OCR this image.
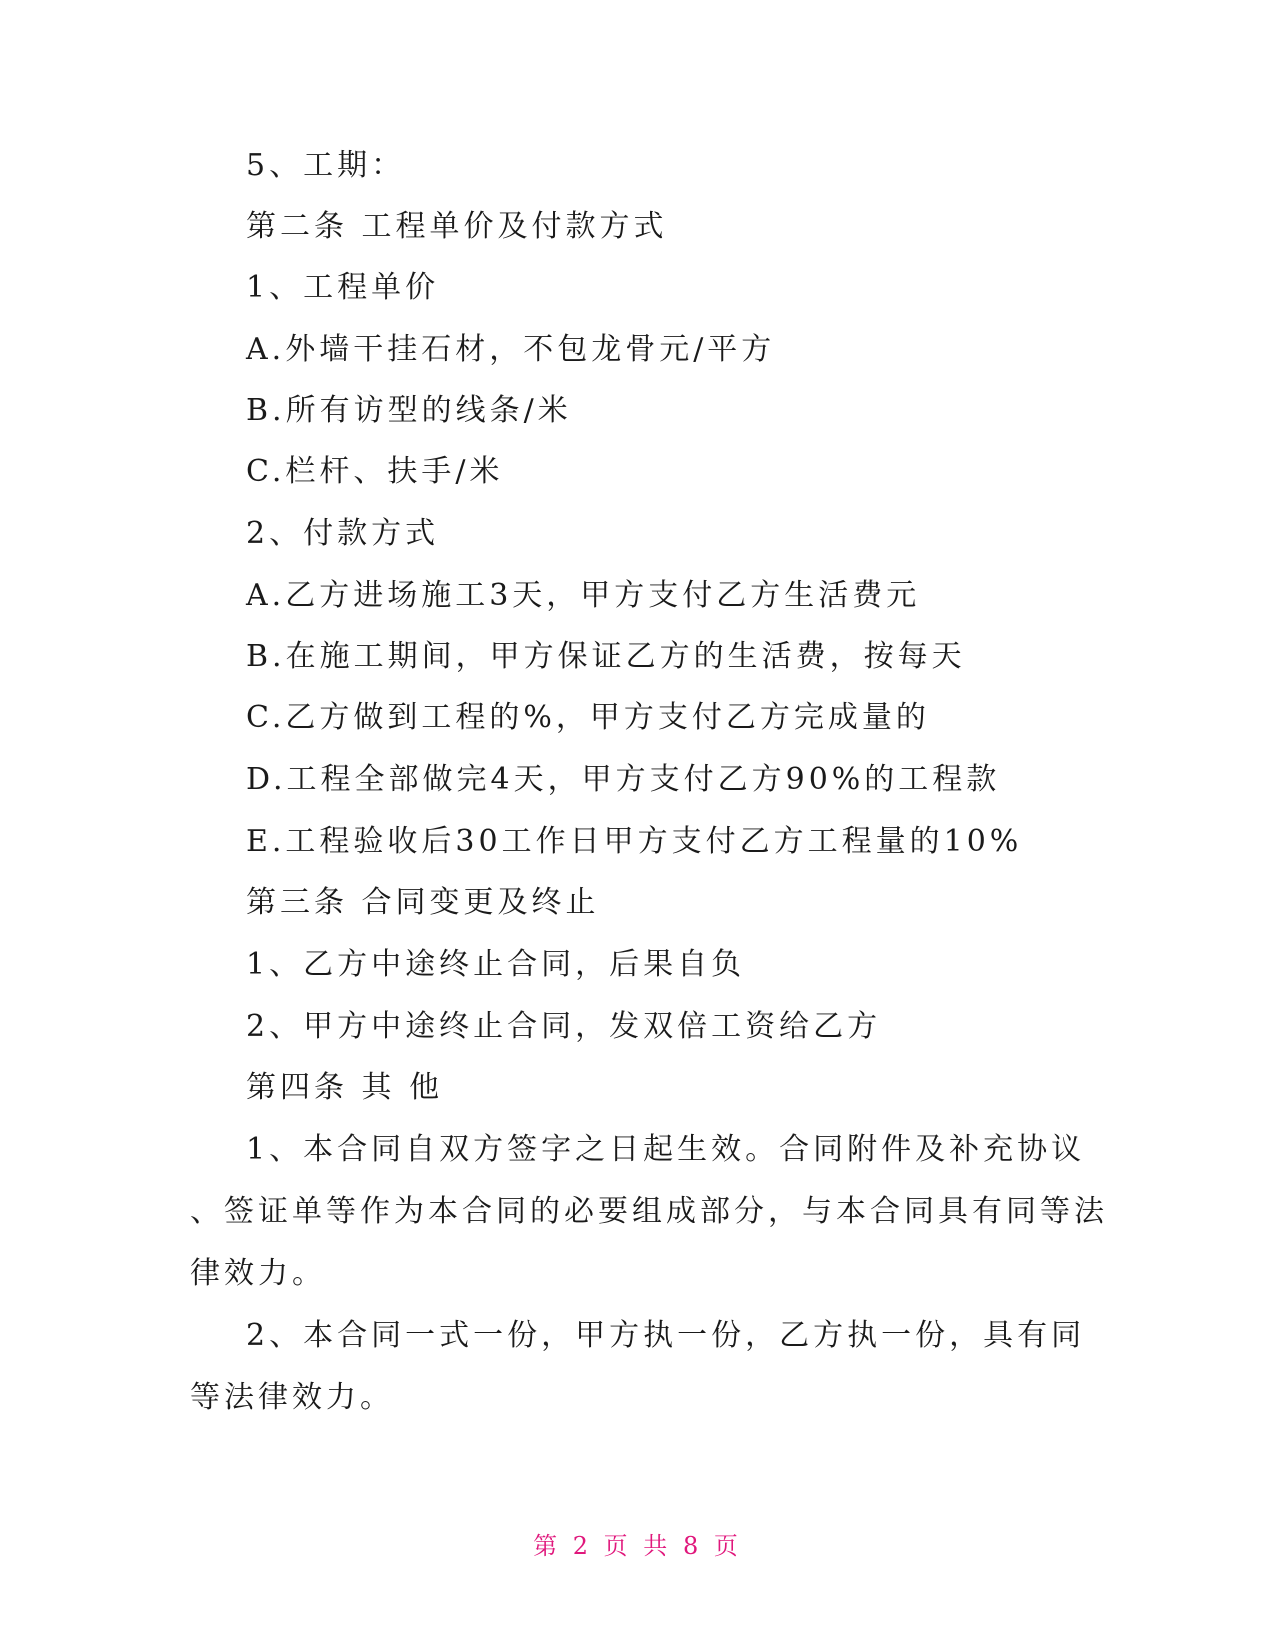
5、工期：
第二条 工程单价及付款方式
1、工程单价
A.外墙干挂石材，不包龙骨元/平方
B.所有访型的线条/米
C.栏杆、扶手/米
2、付款方式
A.乙方进场施工3天，甲方支付乙方生活费元
B.在施工期间，甲方保证乙方的生活费，按每天
C.乙方做到工程的%，甲方支付乙方完成量的
D.工程全部做完4天，甲方支付乙方90%的工程款
E.工程验收后30工作日甲方支付乙方工程量的10%
第三条 合同变更及终止
1、乙方中途终止合同，后果自负
2、甲方中途终止合同，发双倍工资给乙方
第四条 其 他
1、本合同自双方签字之日起生效。合同附件及补充协议
、签证单等作为本合同的必要组成部分，与本合同具有同等法
律效力。
2、本合同一式一份，甲方执一份，乙方执一份，具有同
等法律效力。
第 2 页 共 8 页
